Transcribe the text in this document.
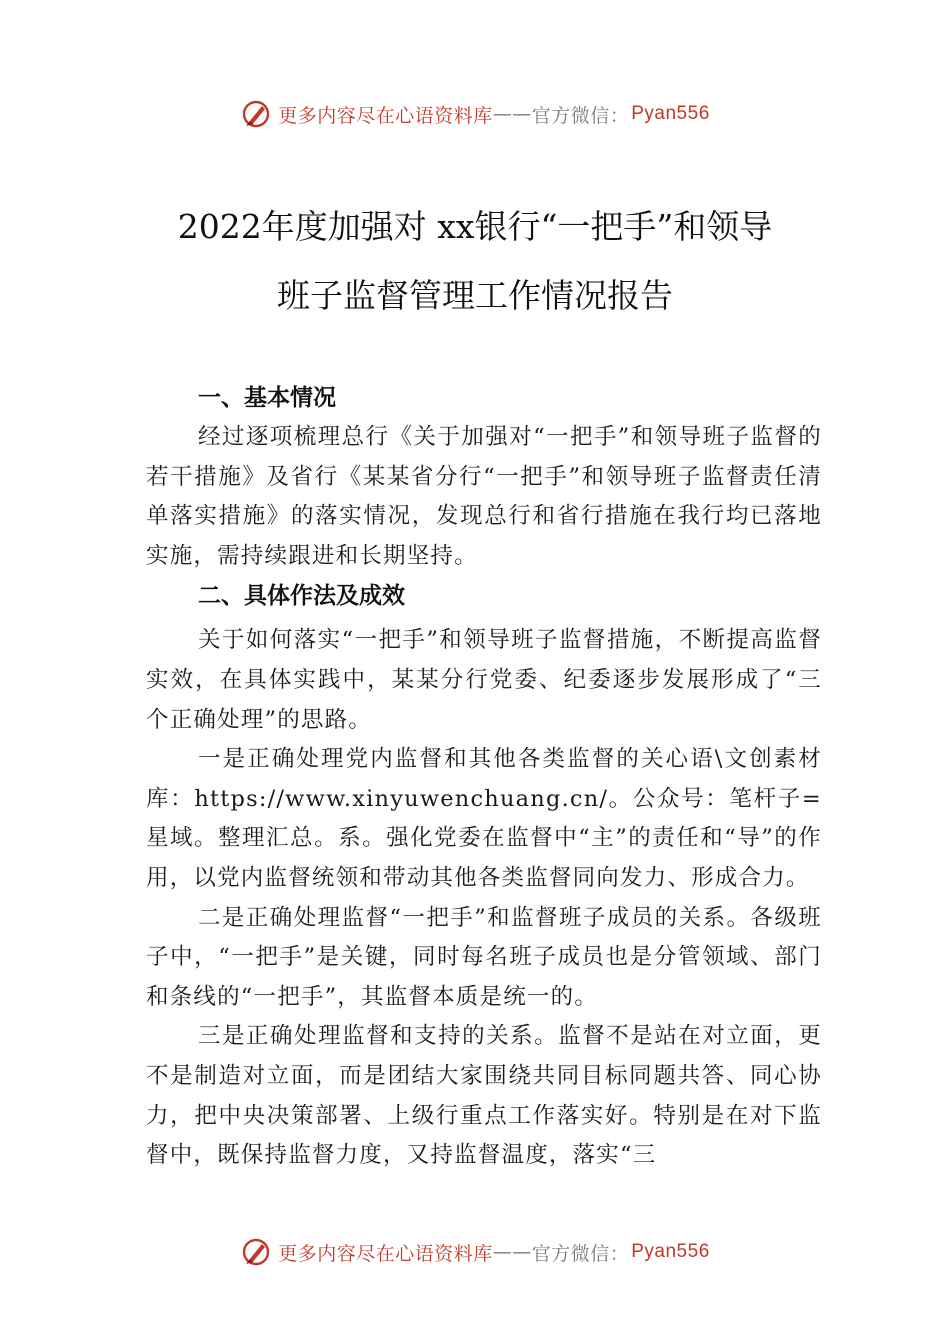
更多内容尽在心语资料库 —— 官方微信： Pyan556
2022年度加强对 xx银行“一把手”和领导
班子监督管理工作情况报告
一、基本情况

经过逐项梳理总行《关于加强对“一把手”和领导班子监督的若干措施》及省行《某某省分行“一把手”和领导班子监督责任清单落实措施》的落实情况，发现总行和省行措施在我行均已落地实施，需持续跟进和长期坚持。

二、具体作法及成效

关于如何落实“一把手”和领导班子监督措施，不断提高监督实效，在具体实践中，某某分行党委、纪委逐步发展形成了“三个正确处理”的思路。

一是正确处理党内监督和其他各类监督的关心语\文创素材库：https://www.xinyuwenchuang.cn/。公众号：笔杆子=星域。整理汇总。系。强化党委在监督中“主”的责任和“导”的作用，以党内监督统领和带动其他各类监督同向发力、形成合力。

二是正确处理监督“一把手”和监督班子成员的关系。各级班子中，“一把手”是关键，同时每名班子成员也是分管领域、部门和条线的“一把手”，其监督本质是统一的。

三是正确处理监督和支持的关系。监督不是站在对立面，更不是制造对立面，而是团结大家围绕共同目标同题共答、同心协力，把中央决策部署、上级行重点工作落实好。特别是在对下监督中，既保持监督力度，又持监督温度，落实“三

更多内容尽在心语资料库 —— 官方微信： Pyan556
